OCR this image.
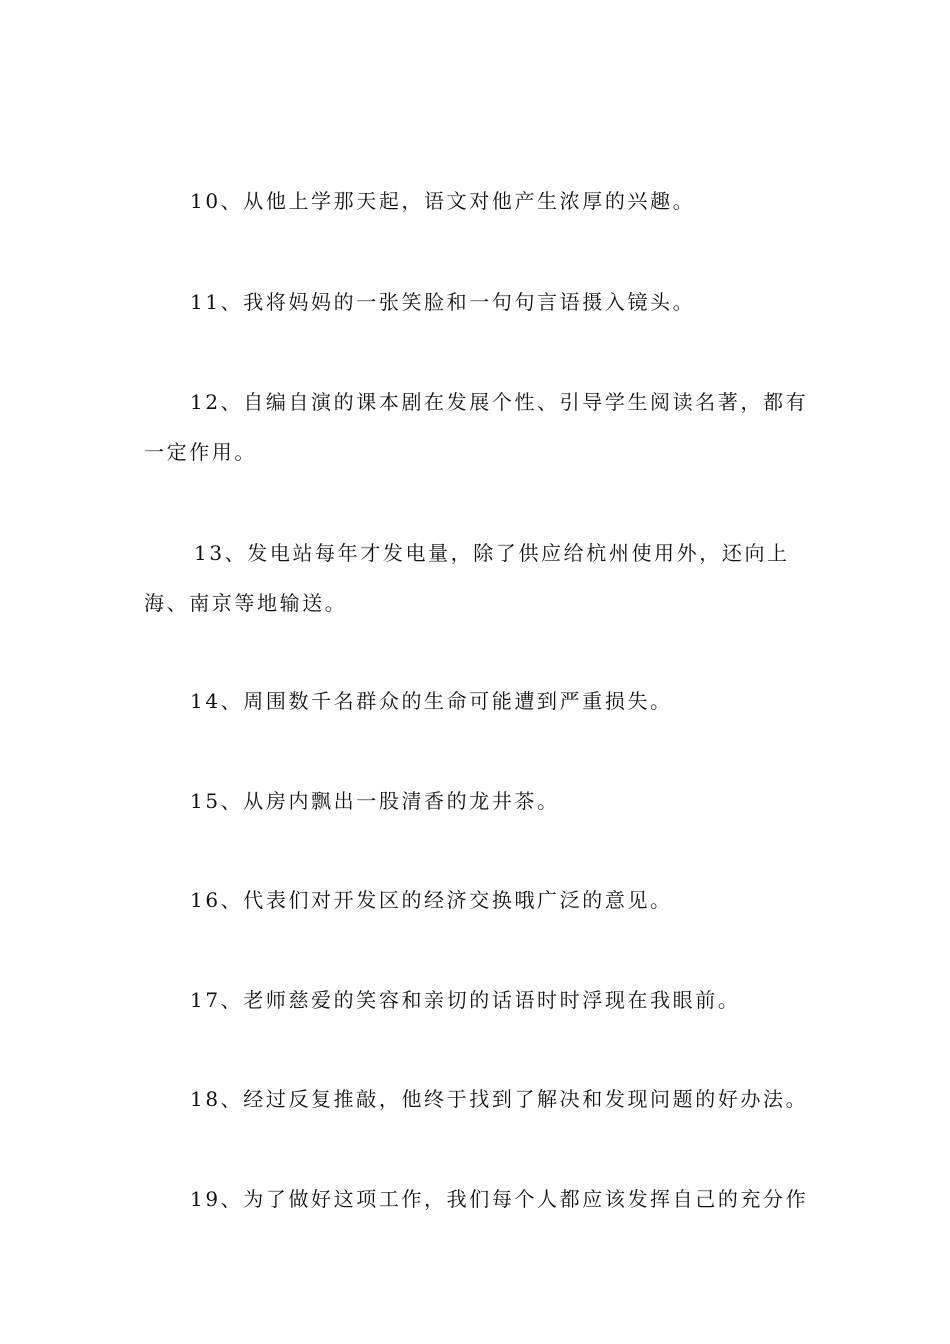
10、从他上学那天起，语文对他产生浓厚的兴趣。
11、我将妈妈的一张笑脸和一句句言语摄入镜头。
12、自编自演的课本剧在发展个性、引导学生阅读名著，都有
一定作用。
13、发电站每年才发电量，除了供应给杭州使用外，还向上
海、南京等地输送。
14、周围数千名群众的生命可能遭到严重损失。
15、从房内飘出一股清香的龙井茶。
16、代表们对开发区的经济交换哦广泛的意见。
17、老师慈爱的笑容和亲切的话语时时浮现在我眼前。
18、经过反复推敲，他终于找到了解决和发现问题的好办法。
19、为了做好这项工作，我们每个人都应该发挥自己的充分作
